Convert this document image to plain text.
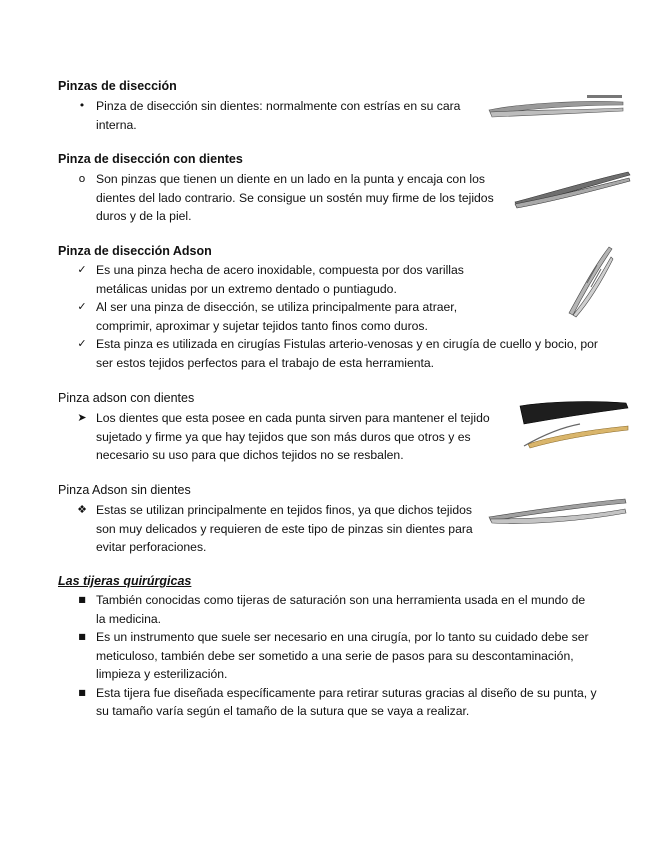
Pinzas de disección

• Pinza de disección sin dientes: normalmente con estrías en su cara interna.

Pinza de disección con dientes

o Son pinzas que tienen un diente en un lado en la punta y encaja con los dientes del lado contrario. Se consigue un sostén muy firme de los tejidos duros y de la piel.

Pinza de disección Adson

✓ Es una pinza hecha de acero inoxidable, compuesta por dos varillas metálicas unidas por un extremo dentado o puntiagudo.

✓ Al ser una pinza de disección, se utiliza principalmente para atraer, comprimir, aproximar y sujetar tejidos tanto finos como duros.

✓ Esta pinza es utilizada en cirugías Fistulas arterio-venosas y en cirugía de cuello y bocio, por ser estos tejidos perfectos para el trabajo de esta herramienta.

Pinza adson con dientes

➤ Los dientes que esta posee en cada punta sirven para mantener el tejido sujetado y firme ya que hay tejidos que son más duros que otros y es necesario su uso para que dichos tejidos no se resbalen.

Pinza Adson sin dientes

❖ Estas se utilizan principalmente en tejidos finos, ya que dichos tejidos son muy delicados y requieren de este tipo de pinzas sin dientes para evitar perforaciones.

Las tijeras quirúrgicas

■ También conocidas como tijeras de saturación son una herramienta usada en el mundo de la medicina.

■ Es un instrumento que suele ser necesario en una cirugía, por lo tanto su cuidado debe ser meticuloso, también debe ser sometido a una serie de pasos para su descontaminación, limpieza y esterilización.

■ Esta tijera fue diseñada específicamente para retirar suturas gracias al diseño de su punta, y su tamaño varía según el tamaño de la sutura que se vaya a realizar.
